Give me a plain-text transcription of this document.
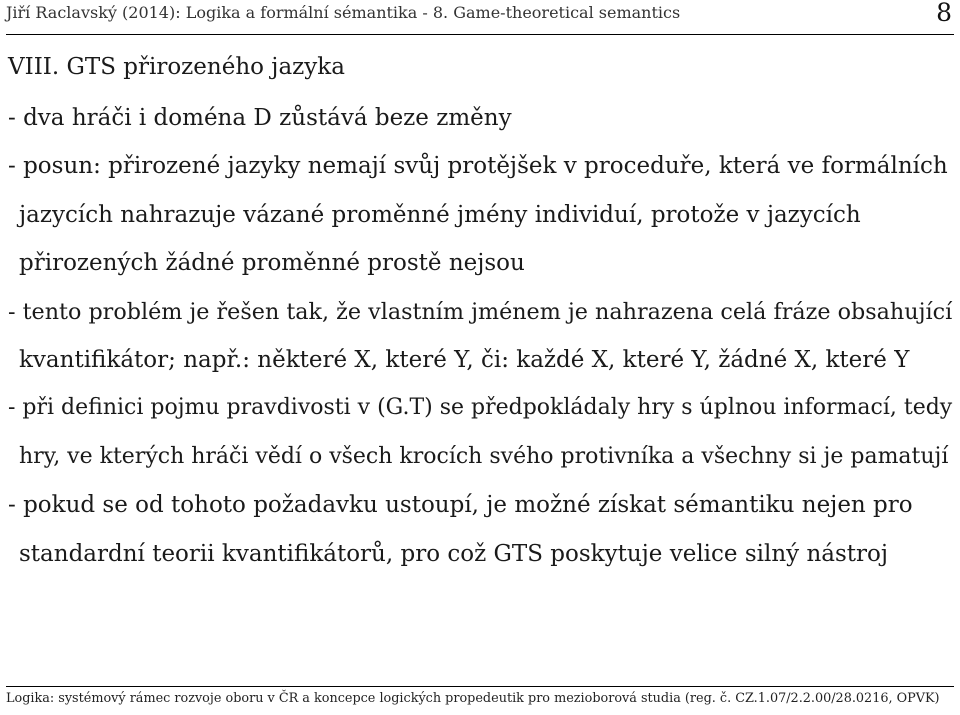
Jiří Raclavský (2014): Logika a formální sémantika - 8. Game-theoretical semantics	8
VIII. GTS přirozeného jazyka
- dva hráči i doména D zůstává beze změny
- posun: přirozené jazyky nemají svůj protějšek v proceduře, která ve formálních
jazycích nahrazuje vázané proměnné jmény individuí, protože v jazycích
přirozených žádné proměnné prostě nejsou
- tento problém je řešen tak, že vlastním jménem je nahrazena celá fráze obsahující
kvantifikátor; např.: některé X, které Y, či: každé X, které Y, žádné X, které Y
- při definici pojmu pravdivosti v (G.T) se předpokládaly hry s úplnou informací, tedy
hry, ve kterých hráči vědí o všech krocích svého protivníka a všechny si je pamatují
- pokud se od tohoto požadavku ustoupí, je možné získat sémantiku nejen pro
standardní teorii kvantifikátorů, pro což GTS poskytuje velice silný nástroj
Logika: systémový rámec rozvoje oboru v ČR a koncepce logických propedeutik pro mezioborová studia (reg. č. CZ.1.07/2.2.00/28.0216, OPVK)
